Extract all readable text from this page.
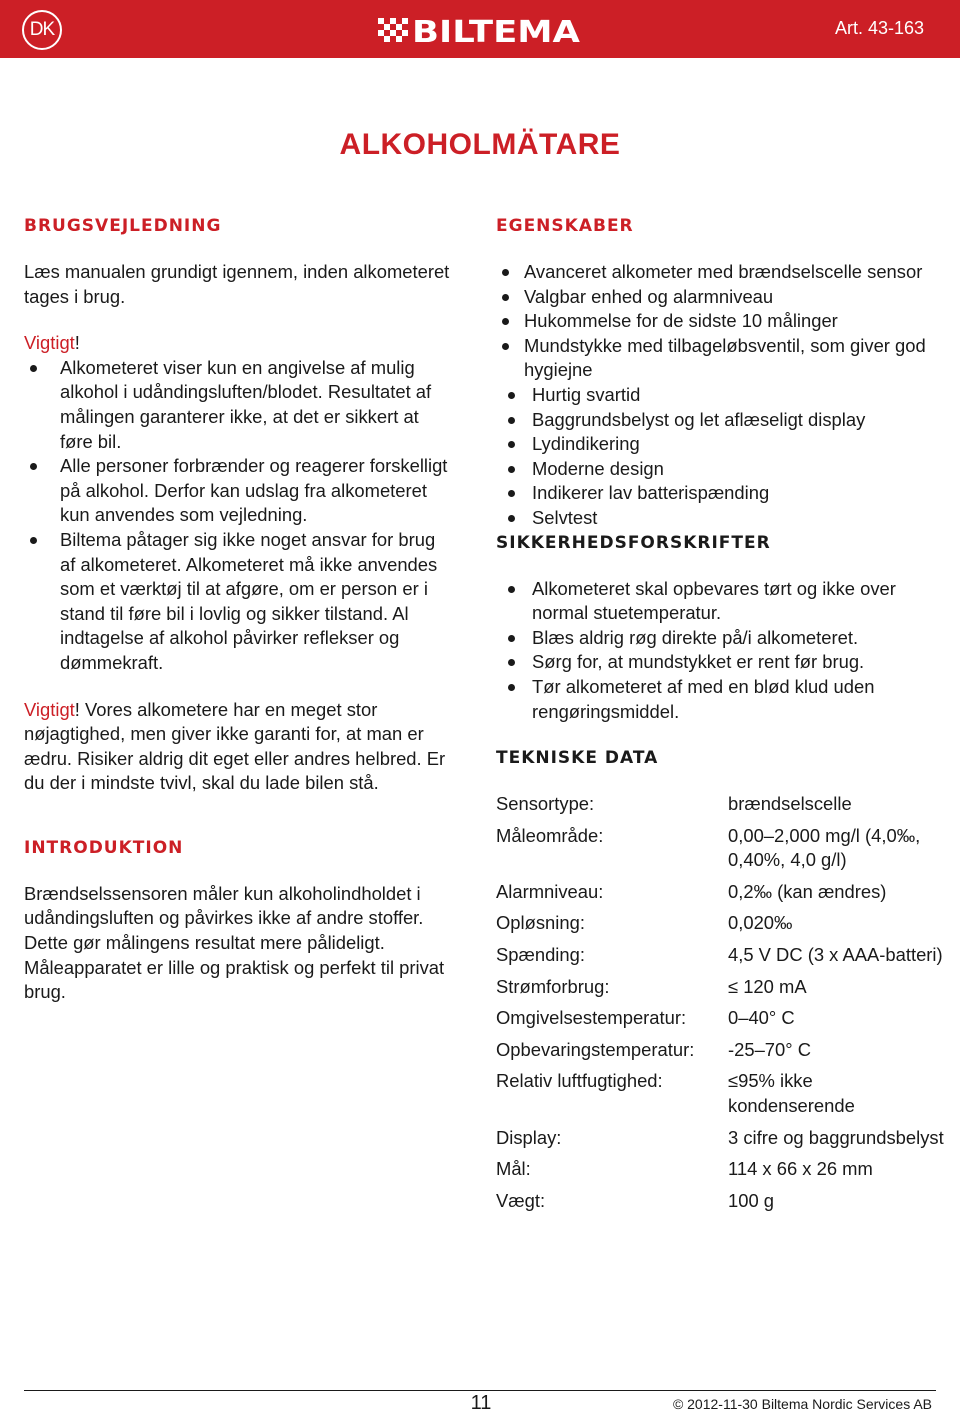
DK	BILTEMA	Art. 43-163
ALKOHOLMÄTARE
BRUGSVEJLEDNING

Læs manualen grundigt igennem, inden alkometeret tages i brug.

Vigtigt!

Alkometeret viser kun en angivelse af mulig alkohol i udåndingsluften/blodet. Resultatet af målingen garanterer ikke, at det er sikkert at føre bil.
Alle personer forbrænder og reagerer forskelligt på alkohol. Derfor kan udslag fra alkometeret kun anvendes som vejledning.
Biltema påtager sig ikke noget ansvar for brug af alkometeret. Alkometeret må ikke anvendes som et værktøj til at afgøre, om er person er i stand til føre bil i lovlig og sikker tilstand. Al indtagelse af alkohol påvirker reflekser og dømmekraft.

Vigtigt! Vores alkometere har en meget stor nøjagtighed, men giver ikke garanti for, at man er ædru. Risiker aldrig dit eget eller andres helbred. Er du der i mindste tvivl, skal du lade bilen stå.

INTRODUKTION

Brændselssensoren måler kun alkoholindholdet i udåndingsluften og påvirkes ikke af andre stoffer. Dette gør målingens resultat mere pålideligt. Måleapparatet er lille og praktisk og perfekt til privat brug.

EGENSKABER
Avanceret alkometer med brændselscelle sensor
Valgbar enhed og alarmniveau
Hukommelse for de sidste 10 målinger
Mundstykke med tilbageløbsventil, som giver god hygiejne
Hurtig svartid
Baggrundsbelyst og let aflæseligt display
Lydindikering
Moderne design
Indikerer lav batterispænding
Selvtest
SIKKERHEDSFORSKRIFTER
Alkometeret skal opbevares tørt og ikke over normal stuetemperatur.
Blæs aldrig røg direkte på/i alkometeret.
Sørg for, at mundstykket er rent før brug.
Tør alkometeret af med en blød klud uden rengøringsmiddel.
TEKNISKE DATA
Sensortype:	brændselscelle
Måleområde:	0,00–2,000 mg/l (4,0‰, 0,40%, 4,0 g/l)
Alarmniveau:	0,2‰ (kan ændres)
Opløsning:	0,020‰
Spænding:	4,5 V DC (3 x AAA-batteri)
Strømforbrug:	≤ 120 mA
Omgivelsestemperatur:	0–40° C
Opbevaringstemperatur:	-25–70° C
Relativ luftfugtighed:	≤95% ikke kondenserende
Display:	3 cifre og baggrundsbelyst
Mål:	114 x 66 x 26 mm
Vægt:	100 g
11	© 2012-11-30 Biltema Nordic Services AB
